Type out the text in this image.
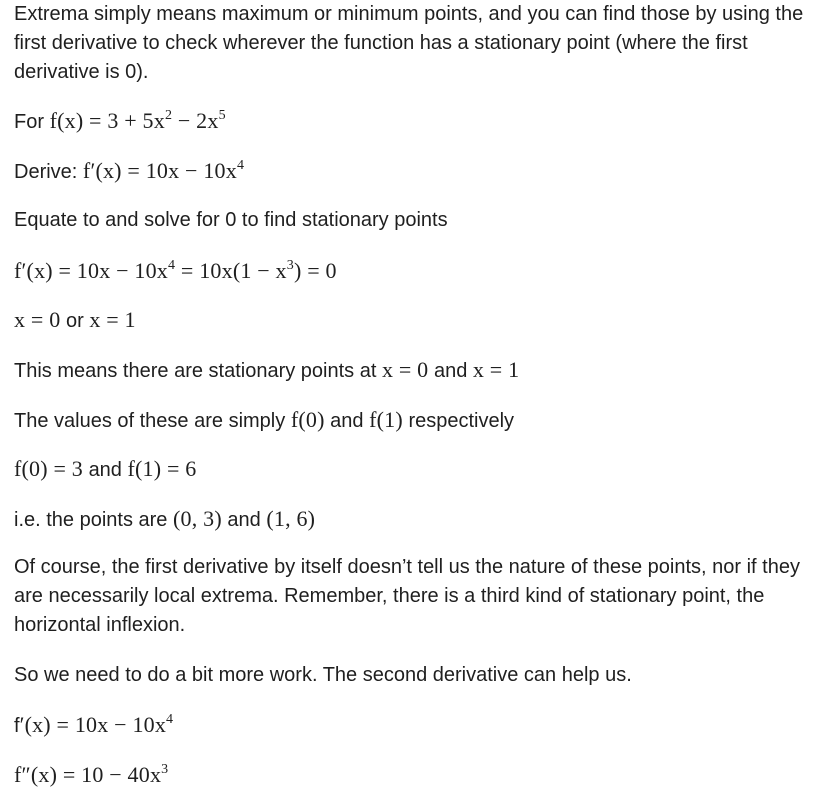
Extrema simply means maximum or minimum points, and you can find those by using the first derivative to check wherever the function has a stationary point (where the first derivative is 0).

For $f(x) = 3 + 5x^2 - 2x^5$

Derive: $f'(x) = 10x - 10x^4$

Equate to and solve for 0 to find stationary points

$f'(x) = 10x - 10x^4 = 10x(1 - x^3) = 0$

x = 0 or x = 1

This means there are stationary points at x = 0 and x = 1

The values of these are simply f(0) and f(1) respectively

f(0) = 3 and f(1) = 6

i.e. the points are (0, 3) and (1, 6)

Of course, the first derivative by itself doesn’t tell us the nature of these points, nor if they are necessarily local extrema. Remember, there is a third kind of stationary point, the horizontal inflexion.

So we need to do a bit more work. The second derivative can help us.

$f'(x) = 10x - 10x^4$

$f''(x) = 10 - 40x^3$
